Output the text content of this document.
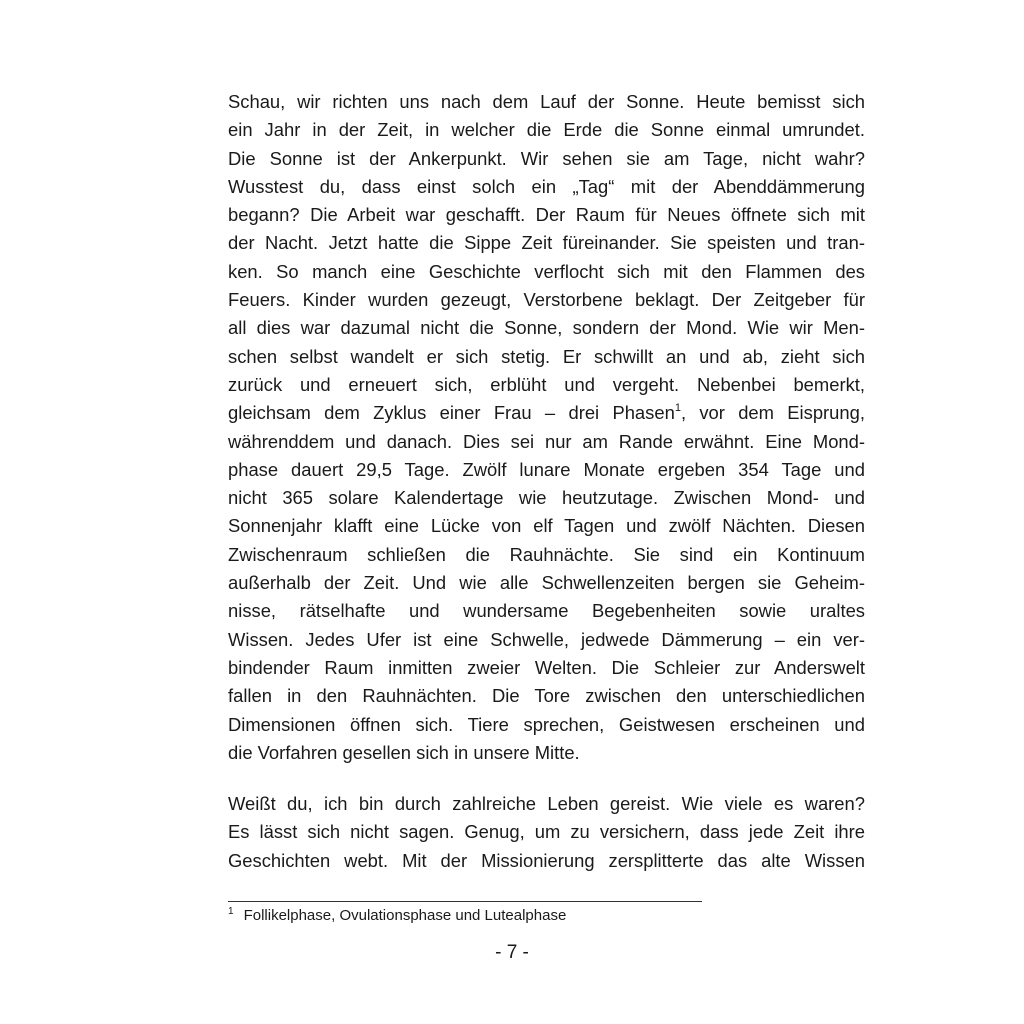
Schau, wir richten uns nach dem Lauf der Sonne. Heute bemisst sich
ein Jahr in der Zeit, in welcher die Erde die Sonne einmal umrundet.
Die Sonne ist der Ankerpunkt. Wir sehen sie am Tage, nicht wahr?
Wusstest du, dass einst solch ein „Tag“ mit der Abenddämmerung
begann? Die Arbeit war geschafft. Der Raum für Neues öffnete sich mit
der Nacht. Jetzt hatte die Sippe Zeit füreinander. Sie speisten und tran-
ken. So manch eine Geschichte verflocht sich mit den Flammen des
Feuers. Kinder wurden gezeugt, Verstorbene beklagt. Der Zeitgeber für
all dies war dazumal nicht die Sonne, sondern der Mond. Wie wir Men-
schen selbst wandelt er sich stetig. Er schwillt an und ab, zieht sich
zurück und erneuert sich, erblüht und vergeht. Nebenbei bemerkt,
gleichsam dem Zyklus einer Frau – drei Phasen$^1$, vor dem Eisprung,
währenddem und danach. Dies sei nur am Rande erwähnt. Eine Mond-
phase dauert 29,5 Tage. Zwölf lunare Monate ergeben 354 Tage und
nicht 365 solare Kalendertage wie heutzutage. Zwischen Mond- und
Sonnenjahr klafft eine Lücke von elf Tagen und zwölf Nächten. Diesen
Zwischenraum schließen die Rauhnächte. Sie sind ein Kontinuum
außerhalb der Zeit. Und wie alle Schwellenzeiten bergen sie Geheim-
nisse, rätselhafte und wundersame Begebenheiten sowie uraltes
Wissen. Jedes Ufer ist eine Schwelle, jedwede Dämmerung – ein ver-
bindender Raum inmitten zweier Welten. Die Schleier zur Anderswelt
fallen in den Rauhnächten. Die Tore zwischen den unterschiedlichen
Dimensionen öffnen sich. Tiere sprechen, Geistwesen erscheinen und
die Vorfahren gesellen sich in unsere Mitte.
Weißt du, ich bin durch zahlreiche Leben gereist. Wie viele es waren?
Es lässt sich nicht sagen. Genug, um zu versichern, dass jede Zeit ihre
Geschichten webt. Mit der Missionierung zersplitterte das alte Wissen
$^1$ Follikelphase, Ovulationsphase und Lutealphase
- 7 -
